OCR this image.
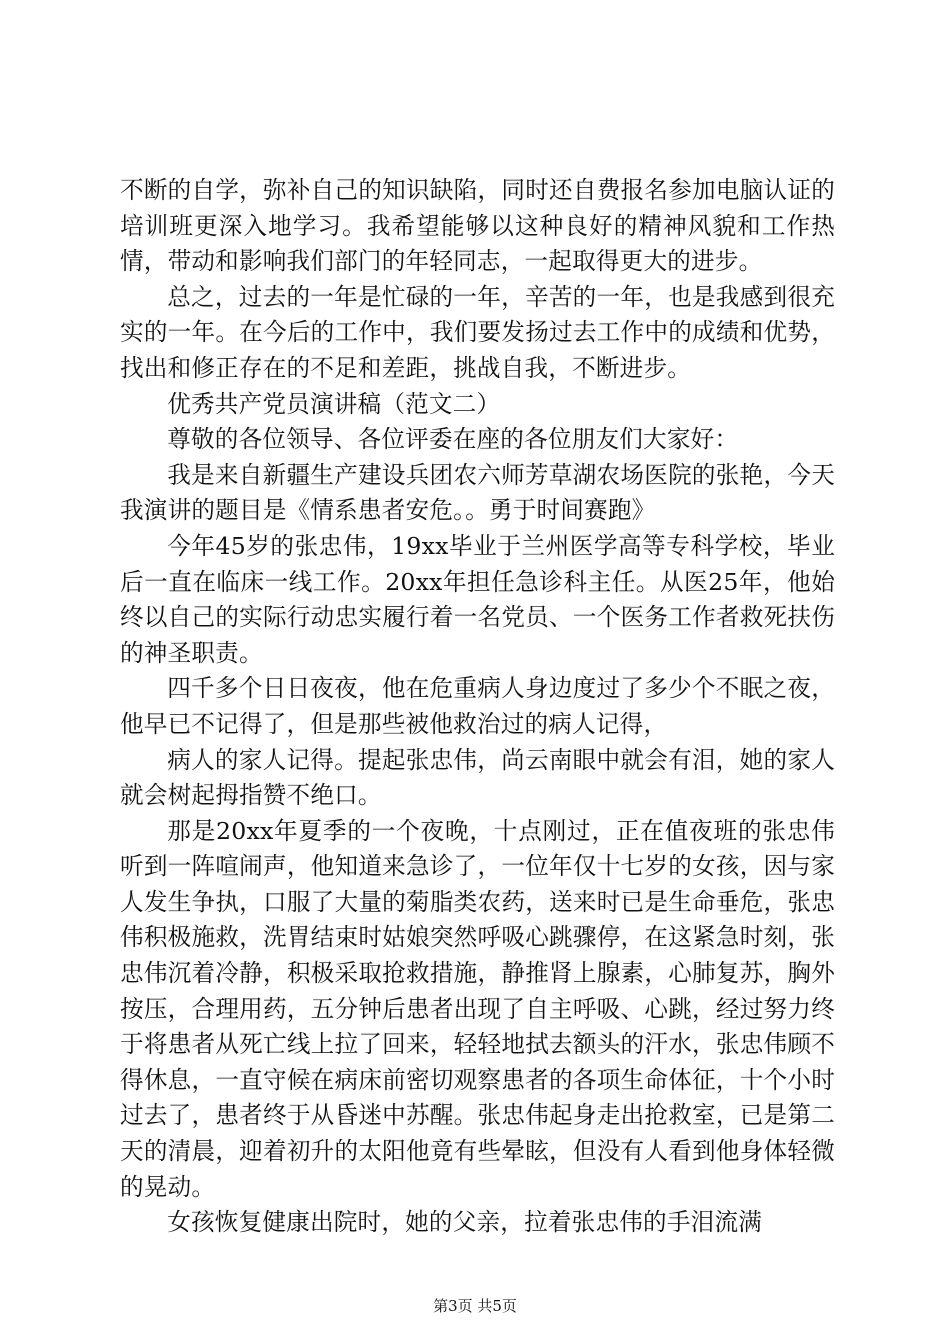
不断的自学，弥补自己的知识缺陷，同时还自费报名参加电脑认证的培训班更深入地学习。我希望能够以这种良好的精神风貌和工作热情，带动和影响我们部门的年轻同志，一起取得更大的进步。

总之，过去的一年是忙碌的一年，辛苦的一年，也是我感到很充实的一年。在今后的工作中，我们要发扬过去工作中的成绩和优势，找出和修正存在的不足和差距，挑战自我，不断进步。

优秀共产党员演讲稿（范文二）

尊敬的各位领导、各位评委在座的各位朋友们大家好：

我是来自新疆生产建设兵团农六师芳草湖农场医院的张艳，今天我演讲的题目是《情系患者安危。。勇于时间赛跑》

今年45岁的张忠伟，19xx毕业于兰州医学高等专科学校，毕业后一直在临床一线工作。20xx年担任急诊科主任。从医25年，他始终以自己的实际行动忠实履行着一名党员、一个医务工作者救死扶伤的神圣职责。

四千多个日日夜夜，他在危重病人身边度过了多少个不眠之夜，他早已不记得了，但是那些被他救治过的病人记得，

病人的家人记得。提起张忠伟，尚云南眼中就会有泪，她的家人就会树起拇指赞不绝口。

那是20xx年夏季的一个夜晚，十点刚过，正在值夜班的张忠伟听到一阵喧闹声，他知道来急诊了，一位年仅十七岁的女孩，因与家人发生争执，口服了大量的菊脂类农药，送来时已是生命垂危，张忠伟积极施救，洗胃结束时姑娘突然呼吸心跳骤停，在这紧急时刻，张忠伟沉着冷静，积极采取抢救措施，静推肾上腺素，心肺复苏，胸外按压，合理用药，五分钟后患者出现了自主呼吸、心跳，经过努力终于将患者从死亡线上拉了回来，轻轻地拭去额头的汗水，张忠伟顾不得休息，一直守候在病床前密切观察患者的各项生命体征，十个小时过去了，患者终于从昏迷中苏醒。张忠伟起身走出抢救室，已是第二天的清晨，迎着初升的太阳他竟有些晕眩，但没有人看到他身体轻微的晃动。

女孩恢复健康出院时，她的父亲，拉着张忠伟的手泪流满

第3页 共5页
